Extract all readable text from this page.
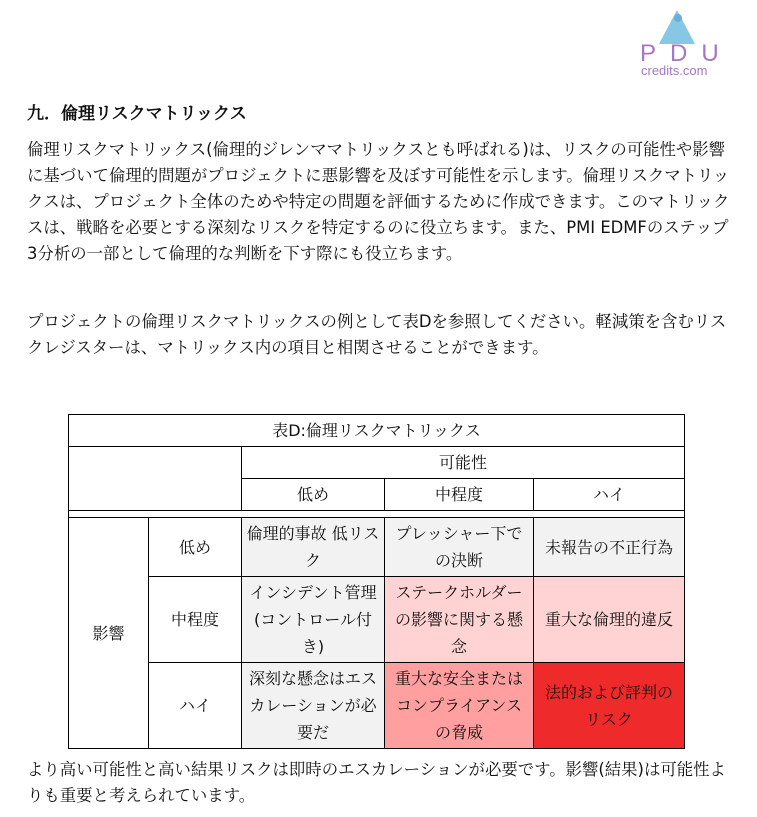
PDU
credits.com
九．倫理リスクマトリックス

倫理リスクマトリックス(倫理的ジレンママトリックスとも呼ばれる)は、リスクの可能性や影響に基づいて倫理的問題がプロジェクトに悪影響を及ぼす可能性を示します。倫理リスクマトリックスは、プロジェクト全体のためや特定の問題を評価するために作成できます。このマトリックスは、戦略を必要とする深刻なリスクを特定するのに役立ちます。また、PMI EDMFのステップ3分析の一部として倫理的な判断を下す際にも役立ちます。

プロジェクトの倫理リスクマトリックスの例として表Dを参照してください。軽減策を含むリスクレジスターは、マトリックス内の項目と相関させることができます。

表D:倫理リスクマトリックス				
		可能性		
		低め	中程度	ハイ

影響	低め	倫理的事故 低リスク	プレッシャー下での決断	未報告の不正行為
	中程度	インシデント管理(コントロール付き)	ステークホルダーの影響に関する懸念	重大な倫理的違反
	ハイ	深刻な懸念はエスカレーションが必要だ	重大な安全またはコンプライアンスの脅威	法的および評判のリスク

より高い可能性と高い結果リスクは即時のエスカレーションが必要です。影響(結果)は可能性よりも重要と考えられています。
